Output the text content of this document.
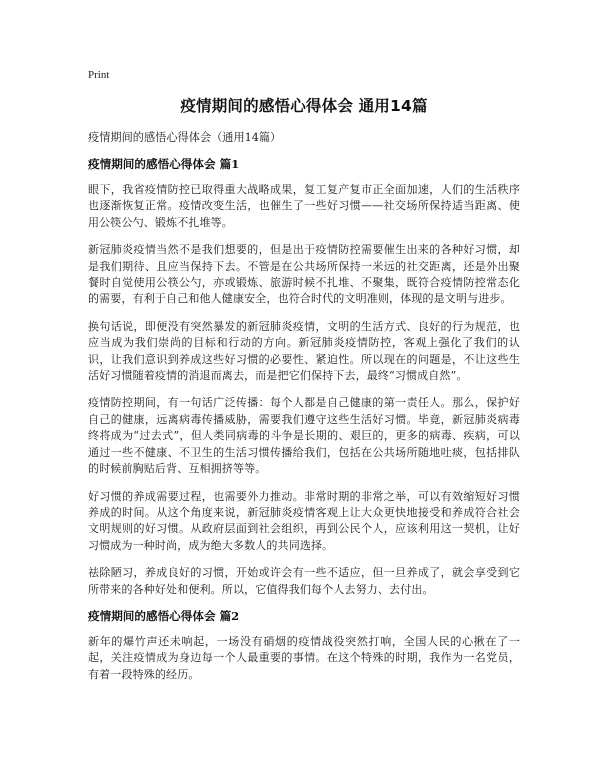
Print
疫情期间的感悟心得体会 通用14篇

疫情期间的感悟心得体会（通用14篇）

疫情期间的感悟心得体会 篇1

眼下，我省疫情防控已取得重大战略成果，复工复产复市正全面加速，人们的生活秩序也逐渐恢复正常。疫情改变生活，也催生了一些好习惯——社交场所保持适当距离、使用公筷公勺、锻炼不扎堆等。

新冠肺炎疫情当然不是我们想要的，但是出于疫情防控需要催生出来的各种好习惯，却是我们期待、且应当保持下去。不管是在公共场所保持一米远的社交距离，还是外出聚餐时自觉使用公筷公勺，亦或锻炼、旅游时候不扎堆、不聚集，既符合疫情防控常态化的需要，有利于自己和他人健康安全，也符合时代的文明准则，体现的是文明与进步。

换句话说，即便没有突然暴发的新冠肺炎疫情，文明的生活方式、良好的行为规范，也应当成为我们崇尚的目标和行动的方向。新冠肺炎疫情防控，客观上强化了我们的认识，让我们意识到养成这些好习惯的必要性、紧迫性。所以现在的问题是，不让这些生活好习惯随着疫情的消退而离去，而是把它们保持下去，最终“习惯成自然”。

疫情防控期间，有一句话广泛传播：每个人都是自己健康的第一责任人。那么，保护好自己的健康，远离病毒传播威胁，需要我们遵守这些生活好习惯。毕竟，新冠肺炎病毒终将成为“过去式”，但人类同病毒的斗争是长期的、艰巨的，更多的病毒、疾病，可以通过一些不健康、不卫生的生活习惯传播给我们，包括在公共场所随地吐痰，包括排队的时候前胸贴后背、互相拥挤等等。

好习惯的养成需要过程，也需要外力推动。非常时期的非常之举，可以有效缩短好习惯养成的时间。从这个角度来说，新冠肺炎疫情客观上让大众更快地接受和养成符合社会文明规则的好习惯。从政府层面到社会组织，再到公民个人，应该利用这一契机，让好习惯成为一种时尚，成为绝大多数人的共同选择。

祛除陋习，养成良好的习惯，开始或许会有一些不适应，但一旦养成了，就会享受到它所带来的各种好处和便利。所以，它值得我们每个人去努力、去付出。

疫情期间的感悟心得体会 篇2

新年的爆竹声还未响起，一场没有硝烟的疫情战役突然打响，全国人民的心揪在了一起，关注疫情成为身边每一个人最重要的事情。在这个特殊的时期，我作为一名党员，有着一段特殊的经历。
